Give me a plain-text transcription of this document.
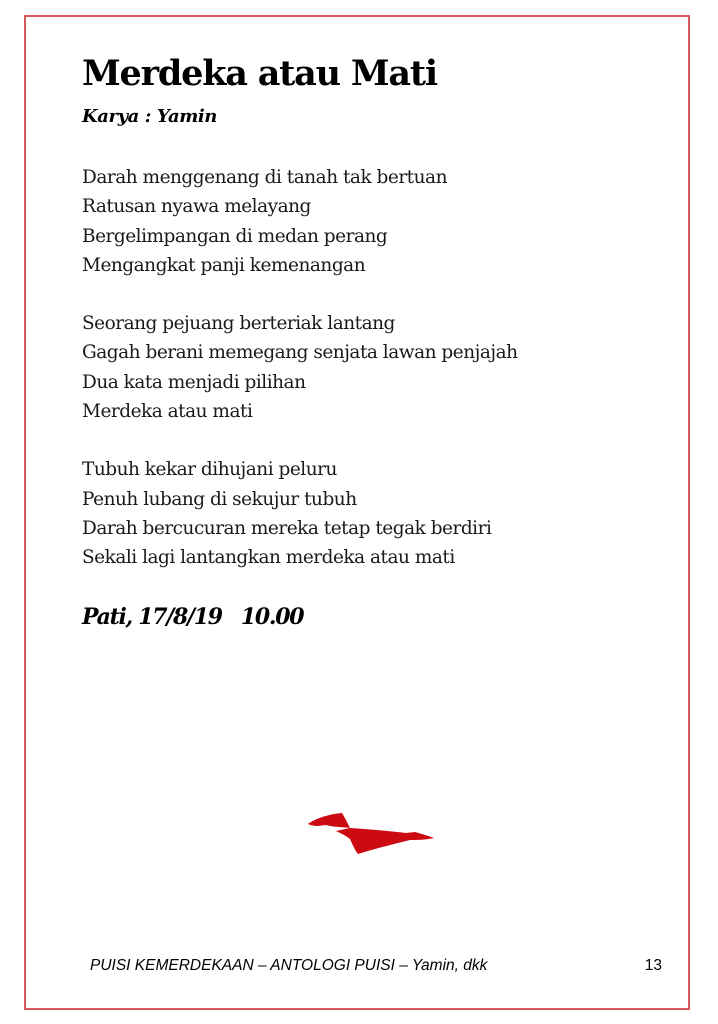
Merdeka atau Mati
Karya : Yamin
Darah menggenang di tanah tak bertuan
Ratusan nyawa melayang
Bergelimpangan di medan perang
Mengangkat panji kemenangan
Seorang pejuang berteriak lantang
Gagah berani memegang senjata lawan penjajah
Dua kata menjadi pilihan
Merdeka atau mati
Tubuh kekar dihujani peluru
Penuh lubang di sekujur tubuh
Darah bercucuran mereka tetap tegak berdiri
Sekali lagi lantangkan merdeka atau mati
Pati, 17/8/19   10.00
PUISI KEMERDEKAAN – ANTOLOGI PUISI – Yamin, dkk	13
